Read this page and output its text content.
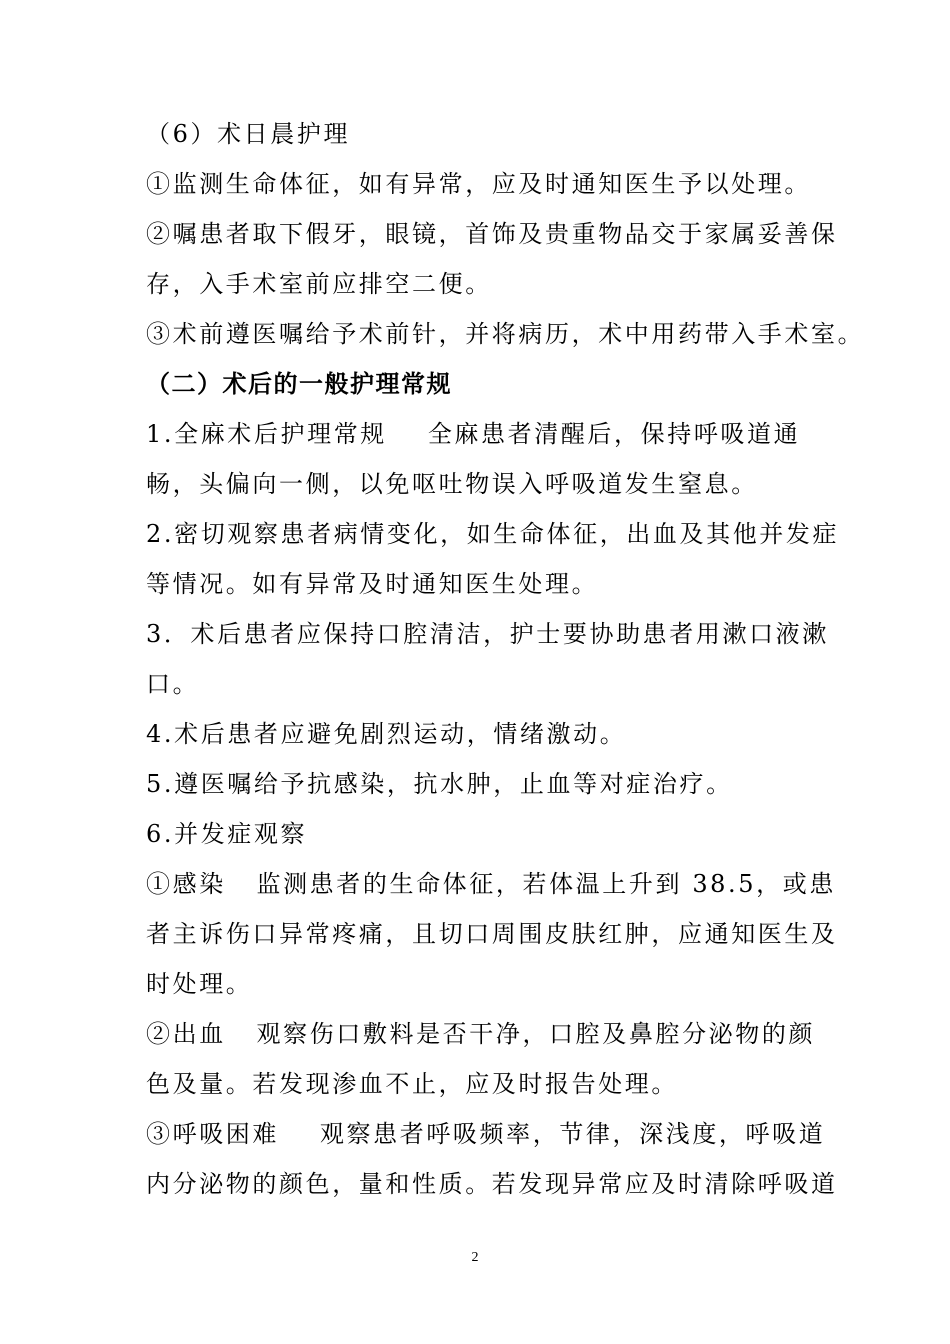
（6）术日晨护理
①监测生命体征，如有异常，应及时通知医生予以处理。
②嘱患者取下假牙，眼镜，首饰及贵重物品交于家属妥善保
存，入手术室前应排空二便。
③术前遵医嘱给予术前针，并将病历，术中用药带入手术室。
（二）术后的一般护理常规
1.全麻术后护理常规    全麻患者清醒后，保持呼吸道通
畅，头偏向一侧，以免呕吐物误入呼吸道发生窒息。
2.密切观察患者病情变化，如生命体征，出血及其他并发症
等情况。如有异常及时通知医生处理。
3．术后患者应保持口腔清洁，护士要协助患者用漱口液漱
口。
4.术后患者应避免剧烈运动，情绪激动。
5.遵医嘱给予抗感染，抗水肿，止血等对症治疗。
6.并发症观察
①感染   监测患者的生命体征，若体温上升到 38.5，或患
者主诉伤口异常疼痛，且切口周围皮肤红肿，应通知医生及
时处理。
②出血   观察伤口敷料是否干净，口腔及鼻腔分泌物的颜
色及量。若发现渗血不止，应及时报告处理。
③呼吸困难    观察患者呼吸频率，节律，深浅度，呼吸道
内分泌物的颜色，量和性质。若发现异常应及时清除呼吸道
2
